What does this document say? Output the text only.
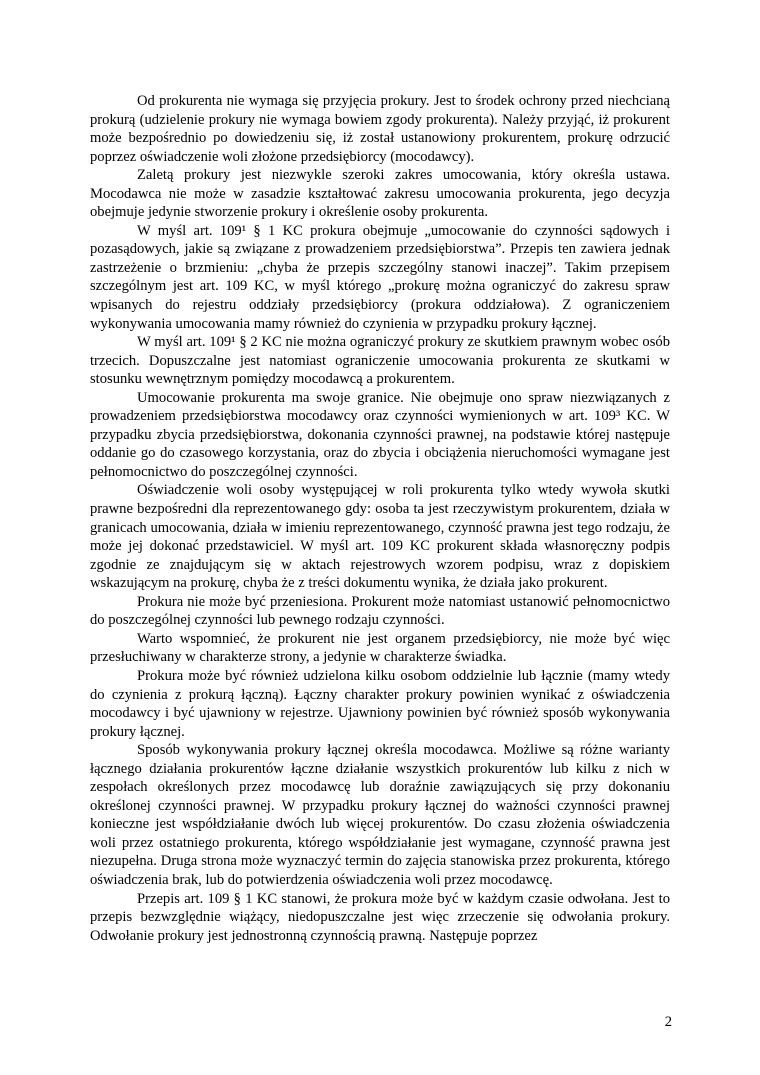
Od prokurenta nie wymaga się przyjęcia prokury. Jest to środek ochrony przed niechcianą prokurą (udzielenie prokury nie wymaga bowiem zgody prokurenta). Należy przyjąć, iż prokurent może bezpośrednio po dowiedzeniu się, iż został ustanowiony prokurentem, prokurę odrzucić poprzez oświadczenie woli złożone przedsiębiorcy (mocodawcy).

Zaletą prokury jest niezwykle szeroki zakres umocowania, który określa ustawa. Mocodawca nie może w zasadzie kształtować zakresu umocowania prokurenta, jego decyzja obejmuje jedynie stworzenie prokury i określenie osoby prokurenta.

W myśl art. 109¹ § 1 KC prokura obejmuje „umocowanie do czynności sądowych i pozasądowych, jakie są związane z prowadzeniem przedsiębiorstwa”. Przepis ten zawiera jednak zastrzeżenie o brzmieniu: „chyba że przepis szczególny stanowi inaczej”. Takim przepisem szczególnym jest art. 109 KC, w myśl którego „prokurę można ograniczyć do zakresu spraw wpisanych do rejestru oddziały przedsiębiorcy (prokura oddziałowa). Z ograniczeniem wykonywania umocowania mamy również do czynienia w przypadku prokury łącznej.

W myśl art. 109¹ § 2 KC nie można ograniczyć prokury ze skutkiem prawnym wobec osób trzecich. Dopuszczalne jest natomiast ograniczenie umocowania prokurenta ze skutkami w stosunku wewnętrznym pomiędzy mocodawcą a prokurentem.

Umocowanie prokurenta ma swoje granice. Nie obejmuje ono spraw niezwiązanych z prowadzeniem przedsiębiorstwa mocodawcy oraz czynności wymienionych w art. 109³ KC. W przypadku zbycia przedsiębiorstwa, dokonania czynności prawnej, na podstawie której następuje oddanie go do czasowego korzystania, oraz do zbycia i obciążenia nieruchomości wymagane jest pełnomocnictwo do poszczególnej czynności.

Oświadczenie woli osoby występującej w roli prokurenta tylko wtedy wywoła skutki prawne bezpośredni dla reprezentowanego gdy: osoba ta jest rzeczywistym prokurentem, działa w granicach umocowania, działa w imieniu reprezentowanego, czynność prawna jest tego rodzaju, że może jej dokonać przedstawiciel. W myśl art. 109 KC prokurent składa własnoręczny podpis zgodnie ze znajdującym się w aktach rejestrowych wzorem podpisu, wraz z dopiskiem wskazującym na prokurę, chyba że z treści dokumentu wynika, że działa jako prokurent.

Prokura nie może być przeniesiona. Prokurent może natomiast ustanowić pełnomocnictwo do poszczególnej czynności lub pewnego rodzaju czynności.

Warto wspomnieć, że prokurent nie jest organem przedsiębiorcy, nie może być więc przesłuchiwany w charakterze strony, a jedynie w charakterze świadka.

Prokura może być również udzielona kilku osobom oddzielnie lub łącznie (mamy wtedy do czynienia z prokurą łączną). Łączny charakter prokury powinien wynikać z oświadczenia mocodawcy i być ujawniony w rejestrze. Ujawniony powinien być również sposób wykonywania prokury łącznej.

Sposób wykonywania prokury łącznej określa mocodawca. Możliwe są różne warianty łącznego działania prokurentów łączne działanie wszystkich prokurentów lub kilku z nich w zespołach określonych przez mocodawcę lub doraźnie zawiązujących się przy dokonaniu określonej czynności prawnej. W przypadku prokury łącznej do ważności czynności prawnej konieczne jest współdziałanie dwóch lub więcej prokurentów. Do czasu złożenia oświadczenia woli przez ostatniego prokurenta, którego współdziałanie jest wymagane, czynność prawna jest niezupełna. Druga strona może wyznaczyć termin do zajęcia stanowiska przez prokurenta, którego oświadczenia brak, lub do potwierdzenia oświadczenia woli przez mocodawcę.

Przepis art. 109 § 1 KC stanowi, że prokura może być w każdym czasie odwołana. Jest to przepis bezwzględnie wiążący, niedopuszczalne jest więc zrzeczenie się odwołania prokury. Odwołanie prokury jest jednostronną czynnością prawną. Następuje poprzez

2
